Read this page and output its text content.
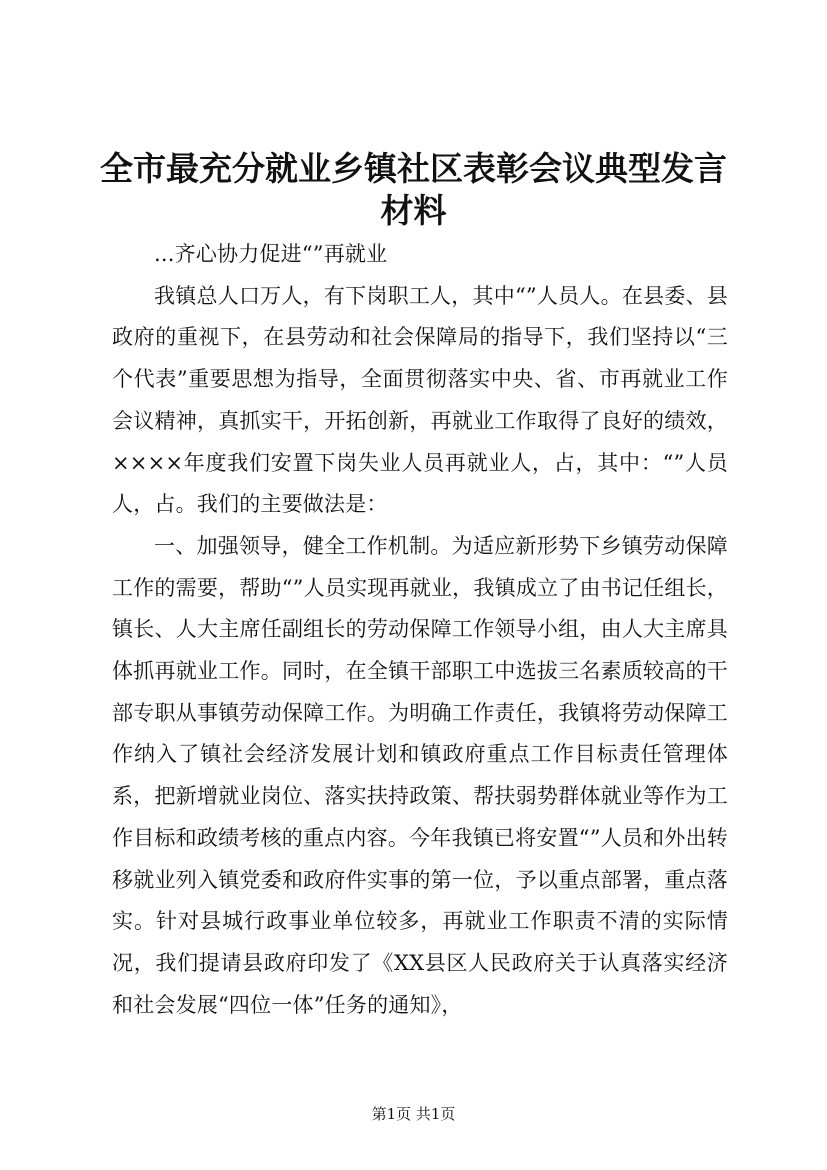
全市最充分就业乡镇社区表彰会议典型发言材料

...齐心协力促进“”再就业

我镇总人口万人，有下岗职工人，其中“”人员人。在县委、县政府的重视下，在县劳动和社会保障局的指导下，我们坚持以“三个代表”重要思想为指导，全面贯彻落实中央、省、市再就业工作会议精神，真抓实干，开拓创新，再就业工作取得了良好的绩效，××××年度我们安置下岗失业人员再就业人，占，其中：“”人员人，占。我们的主要做法是：

一、加强领导，健全工作机制。为适应新形势下乡镇劳动保障工作的需要，帮助“”人员实现再就业，我镇成立了由书记任组长，镇长、人大主席任副组长的劳动保障工作领导小组，由人大主席具体抓再就业工作。同时，在全镇干部职工中选拔三名素质较高的干部专职从事镇劳动保障工作。为明确工作责任，我镇将劳动保障工作纳入了镇社会经济发展计划和镇政府重点工作目标责任管理体系，把新增就业岗位、落实扶持政策、帮扶弱势群体就业等作为工作目标和政绩考核的重点内容。今年我镇已将安置“”人员和外出转移就业列入镇党委和政府件实事的第一位，予以重点部署，重点落实。针对县城行政事业单位较多，再就业工作职责不清的实际情况，我们提请县政府印发了《XX县区人民政府关于认真落实经济和社会发展“四位一体”任务的通知》，

第1页 共1页
